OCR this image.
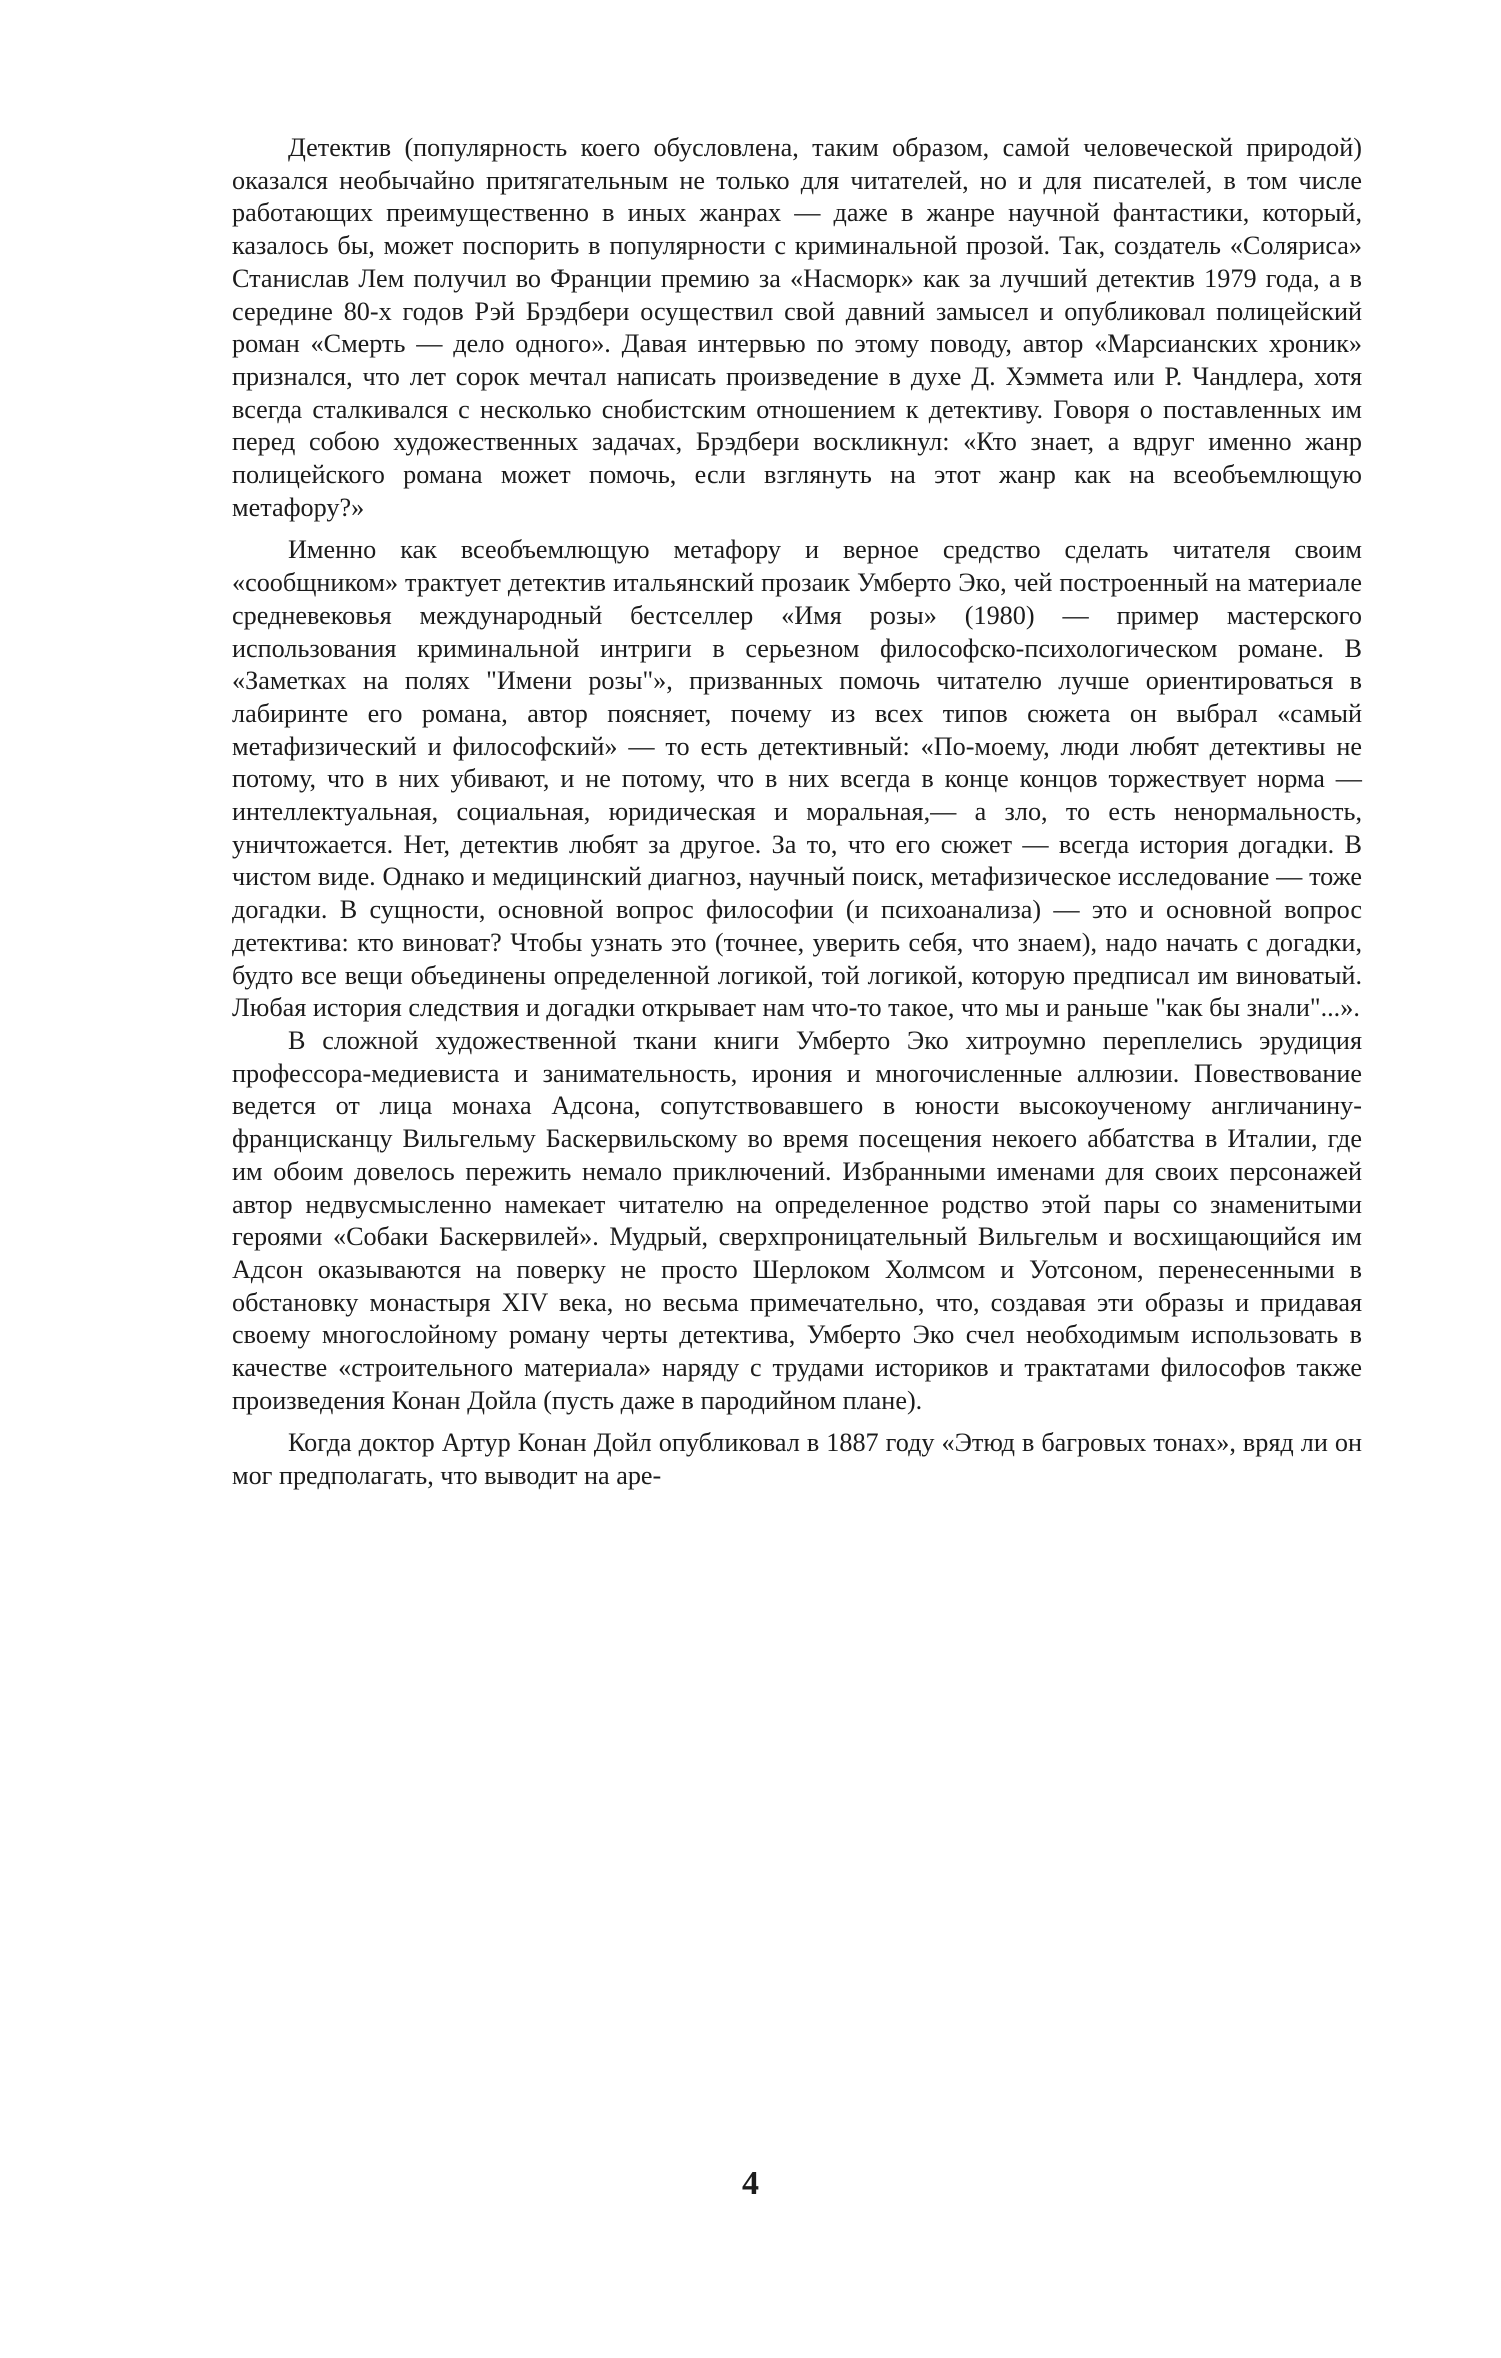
Детектив (популярность коего обусловлена, таким образом, самой человеческой природой) оказался необычайно притягательным не только для читателей, но и для писателей, в том числе работающих преимущественно в иных жанрах — даже в жанре научной фантастики, который, казалось бы, может поспорить в популярности с криминальной прозой. Так, создатель «Соляриса» Станислав Лем получил во Франции премию за «Насморк» как за лучший детектив 1979 года, а в середине 80-х годов Рэй Брэдбери осуществил свой давний замысел и опубликовал полицейский роман «Смерть — дело одного». Давая интервью по этому поводу, автор «Марсианских хроник» признался, что лет сорок мечтал написать произведение в духе Д. Хэммета или Р. Чандлера, хотя всегда сталкивался с несколько снобистским отношением к детективу. Говоря о поставленных им перед собою художественных задачах, Брэдбери воскликнул: «Кто знает, а вдруг именно жанр полицейского романа может помочь, если взглянуть на этот жанр как на всеобъемлющую метафору?»

Именно как всеобъемлющую метафору и верное средство сделать читателя своим «сообщником» трактует детектив итальянский прозаик Умберто Эко, чей построенный на материале средневековья международный бестселлер «Имя розы» (1980) — пример мастерского использования криминальной интриги в серьезном философско-психологическом романе. В «Заметках на полях "Имени розы"», призванных помочь читателю лучше ориентироваться в лабиринте его романа, автор поясняет, почему из всех типов сюжета он выбрал «самый метафизический и философский» — то есть детективный: «По-моему, люди любят детективы не потому, что в них убивают, и не потому, что в них всегда в конце концов торжествует норма — интеллектуальная, социальная, юридическая и моральная,— а зло, то есть ненормальность, уничтожается. Нет, детектив любят за другое. За то, что его сюжет — всегда история догадки. В чистом виде. Однако и медицинский диагноз, научный поиск, метафизическое исследование — тоже догадки. В сущности, основной вопрос философии (и психоанализа) — это и основной вопрос детектива: кто виноват? Чтобы узнать это (точнее, уверить себя, что знаем), надо начать с догадки, будто все вещи объединены определенной логикой, той логикой, которую предписал им виноватый. Любая история следствия и догадки открывает нам что-то такое, что мы и раньше "как бы знали"...».

В сложной художественной ткани книги Умберто Эко хитроумно переплелись эрудиция профессора-медиевиста и занимательность, ирония и многочисленные аллюзии. Повествование ведется от лица монаха Адсона, сопутствовавшего в юности высокоученому англичанину-францисканцу Вильгельму Баскервильскому во время посещения некоего аббатства в Италии, где им обоим довелось пережить немало приключений. Избранными именами для своих персонажей автор недвусмысленно намекает читателю на определенное родство этой пары со знаменитыми героями «Собаки Баскервилей». Мудрый, сверхпроницательный Вильгельм и восхищающийся им Адсон оказываются на поверку не просто Шерлоком Холмсом и Уотсоном, перенесенными в обстановку монастыря XIV века, но весьма примечательно, что, создавая эти образы и придавая своему многослойному роману черты детектива, Умберто Эко счел необходимым использовать в качестве «строительного материала» наряду с трудами историков и трактатами философов также произведения Конан Дойла (пусть даже в пародийном плане).

Когда доктор Артур Конан Дойл опубликовал в 1887 году «Этюд в багровых тонах», вряд ли он мог предполагать, что выводит на аре-

4
